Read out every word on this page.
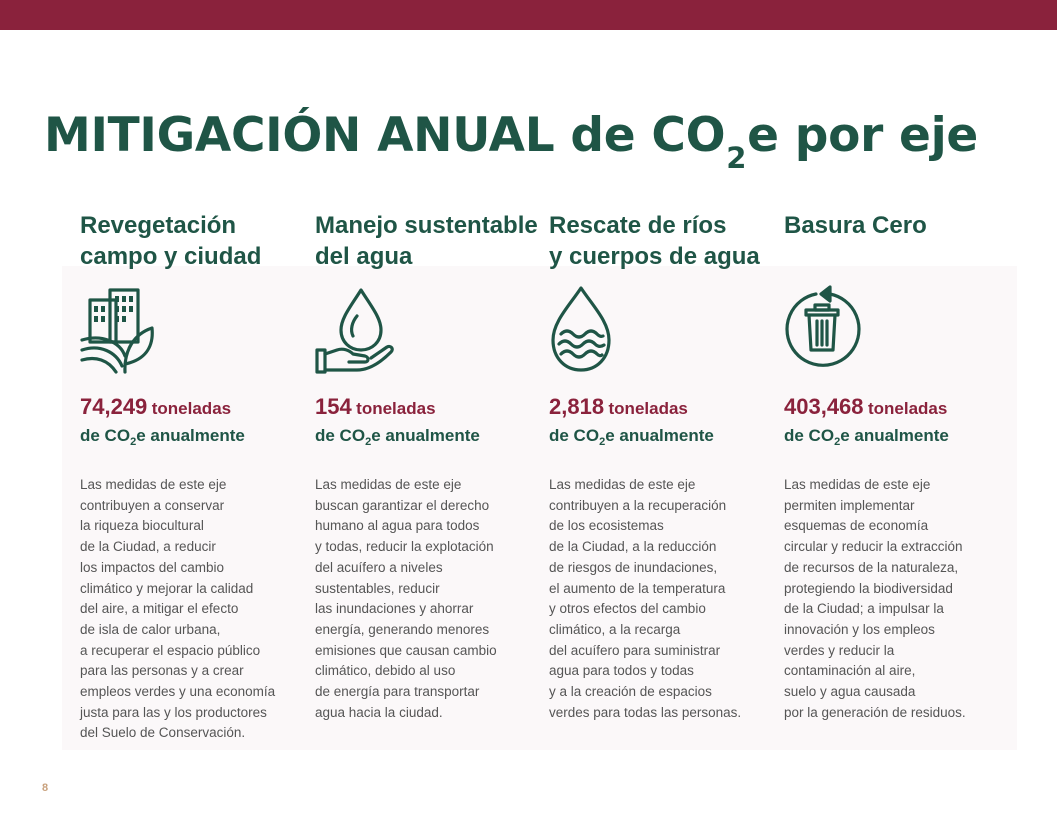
MITIGACIÓN ANUAL de $CO_2e$ por eje
Revegetación
campo y ciudad
74,249 toneladas
de $CO_2e$ anualmente
Las medidas de este eje
contribuyen a conservar
la riqueza biocultural
de la Ciudad, a reducir
los impactos del cambio
climático y mejorar la calidad
del aire, a mitigar el efecto
de isla de calor urbana,
a recuperar el espacio público
para las personas y a crear
empleos verdes y una economía
justa para las y los productores
del Suelo de Conservación.
Manejo sustentable
del agua
154 toneladas
de $CO_2e$ anualmente
Las medidas de este eje
buscan garantizar el derecho
humano al agua para todos
y todas, reducir la explotación
del acuífero a niveles
sustentables, reducir
las inundaciones y ahorrar
energía, generando menores
emisiones que causan cambio
climático, debido al uso
de energía para transportar
agua hacia la ciudad.
Rescate de ríos
y cuerpos de agua
2,818 toneladas
de $CO_2e$ anualmente
Las medidas de este eje
contribuyen a la recuperación
de los ecosistemas
de la Ciudad, a la reducción
de riesgos de inundaciones,
el aumento de la temperatura
y otros efectos del cambio
climático, a la recarga
del acuífero para suministrar
agua para todos y todas
y a la creación de espacios
verdes para todas las personas.
Basura Cero
403,468 toneladas
de $CO_2e$ anualmente
Las medidas de este eje
permiten implementar
esquemas de economía
circular y reducir la extracción
de recursos de la naturaleza,
protegiendo la biodiversidad
de la Ciudad; a impulsar la
innovación y los empleos
verdes y reducir la
contaminación al aire,
suelo y agua causada
por la generación de residuos.
8
